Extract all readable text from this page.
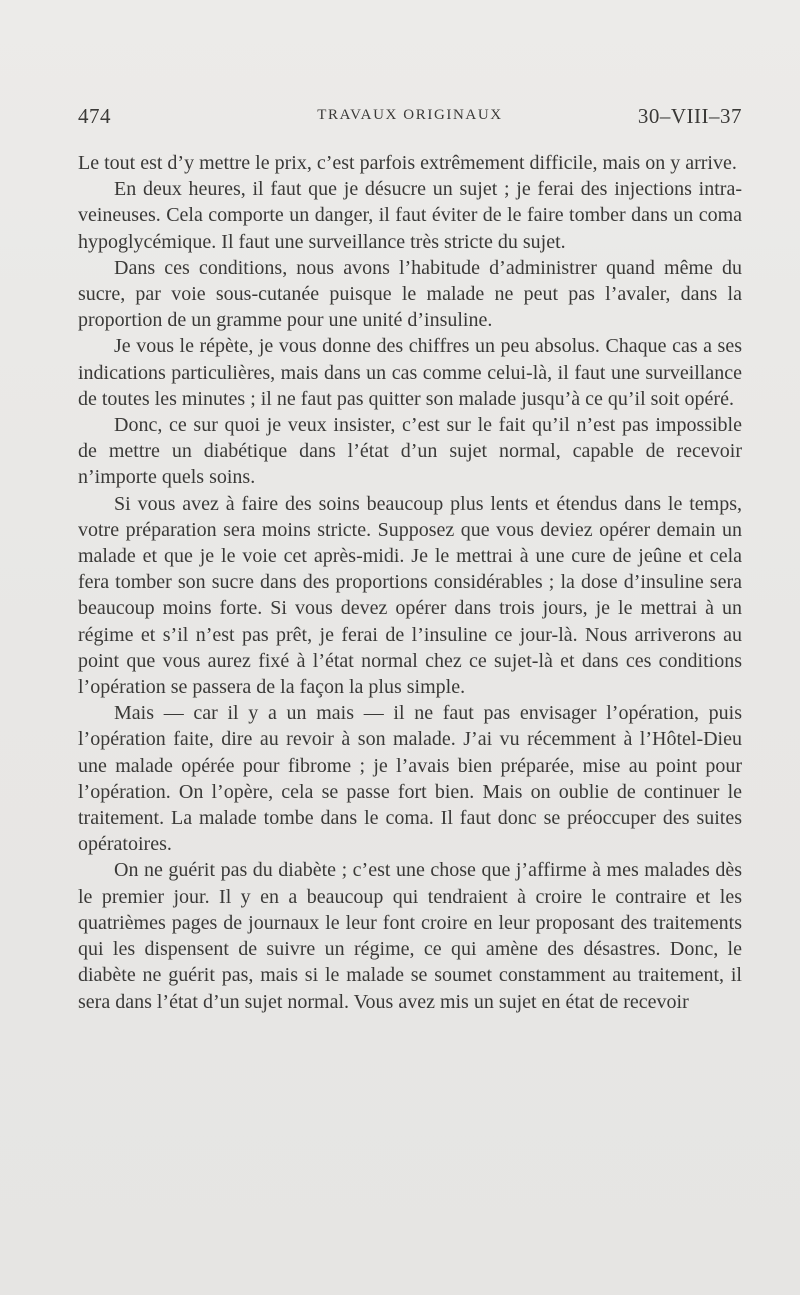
474	TRAVAUX ORIGINAUX	30–VIII–37

Le tout est d’y mettre le prix, c’est parfois extrêmement difficile, mais on y arrive.

En deux heures, il faut que je désucre un sujet ; je ferai des injections intra-veineuses. Cela comporte un danger, il faut éviter de le faire tomber dans un coma hypoglycémique. Il faut une surveillance très stricte du sujet.

Dans ces conditions, nous avons l’habitude d’administrer quand même du sucre, par voie sous-cutanée puisque le malade ne peut pas l’avaler, dans la proportion de un gramme pour une unité d’insuline.

Je vous le répète, je vous donne des chiffres un peu absolus. Chaque cas a ses indications particulières, mais dans un cas comme celui-là, il faut une surveillance de toutes les minutes ; il ne faut pas quitter son malade jusqu’à ce qu’il soit opéré.

Donc, ce sur quoi je veux insister, c’est sur le fait qu’il n’est pas impossible de mettre un diabétique dans l’état d’un sujet normal, capable de recevoir n’importe quels soins.

Si vous avez à faire des soins beaucoup plus lents et étendus dans le temps, votre préparation sera moins stricte. Supposez que vous deviez opérer demain un malade et que je le voie cet après-midi. Je le mettrai à une cure de jeûne et cela fera tomber son sucre dans des proportions considérables ; la dose d’insuline sera beaucoup moins forte. Si vous devez opérer dans trois jours, je le mettrai à un régime et s’il n’est pas prêt, je ferai de l’insuline ce jour-là. Nous arriverons au point que vous aurez fixé à l’état normal chez ce sujet-là et dans ces conditions l’opération se passera de la façon la plus simple.

Mais — car il y a un mais — il ne faut pas envisager l’opération, puis l’opération faite, dire au revoir à son malade. J’ai vu récemment à l’Hôtel-Dieu une malade opérée pour fibrome ; je l’avais bien préparée, mise au point pour l’opération. On l’opère, cela se passe fort bien. Mais on oublie de continuer le traitement. La malade tombe dans le coma. Il faut donc se préoccuper des suites opératoires.

On ne guérit pas du diabète ; c’est une chose que j’affirme à mes malades dès le premier jour. Il y en a beaucoup qui tendraient à croire le contraire et les quatrièmes pages de journaux le leur font croire en leur proposant des traitements qui les dispensent de suivre un régime, ce qui amène des désastres. Donc, le diabète ne guérit pas, mais si le malade se soumet constamment au traitement, il sera dans l’état d’un sujet normal. Vous avez mis un sujet en état de recevoir
